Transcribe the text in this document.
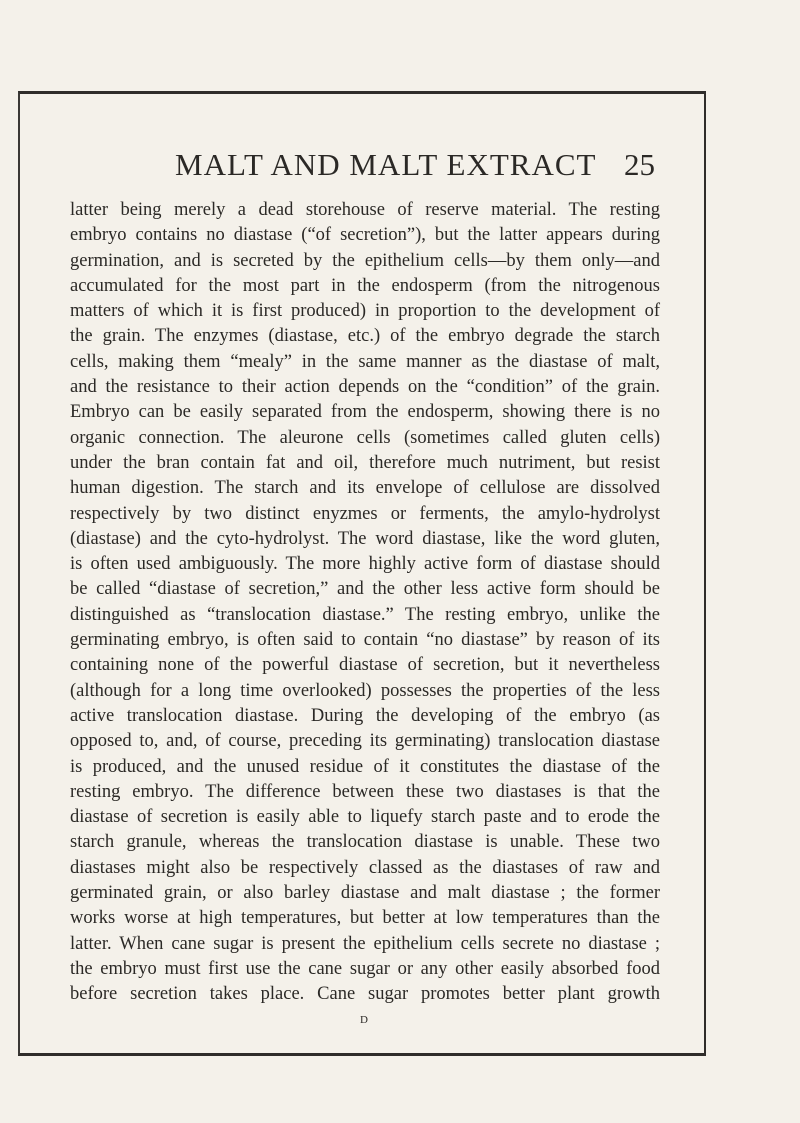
MALT AND MALT EXTRACT 25

latter being merely a dead storehouse of reserve material. The resting
embryo contains no diastase (“of secretion”), but the latter appears during
germination, and is secreted by the epithelium cells—by them only—and
accumulated for the most part in the endosperm (from the nitrogenous
matters of which it is first produced) in proportion to the development of
the grain. The enzymes (diastase, etc.) of the embryo degrade the starch
cells, making them “mealy” in the same manner as the diastase of malt,
and the resistance to their action depends on the “condition” of the grain.
Embryo can be easily separated from the endosperm, showing there is no
organic connection. The aleurone cells (sometimes called gluten cells)
under the bran contain fat and oil, therefore much nutriment, but resist
human digestion. The starch and its envelope of cellulose are dissolved
respectively by two distinct enyzmes or ferments, the amylo-hydrolyst
(diastase) and the cyto-hydrolyst. The word diastase, like the word gluten,
is often used ambiguously. The more highly active form of diastase should
be called “diastase of secretion,” and the other less active form should be
distinguished as “translocation diastase.” The resting embryo, unlike the
germinating embryo, is often said to contain “no diastase” by reason of its
containing none of the powerful diastase of secretion, but it nevertheless
(although for a long time overlooked) possesses the properties of the less
active translocation diastase. During the developing of the embryo (as
opposed to, and, of course, preceding its germinating) translocation diastase
is produced, and the unused residue of it constitutes the diastase of the
resting embryo. The difference between these two diastases is that the
diastase of secretion is easily able to liquefy starch paste and to erode the
starch granule, whereas the translocation diastase is unable. These two
diastases might also be respectively classed as the diastases of raw and
germinated grain, or also barley diastase and malt diastase ; the former
works worse at high temperatures, but better at low temperatures than the
latter. When cane sugar is present the epithelium cells secrete no diastase ;
the embryo must first use the cane sugar or any other easily absorbed food
before secretion takes place. Cane sugar promotes better plant growth

D
